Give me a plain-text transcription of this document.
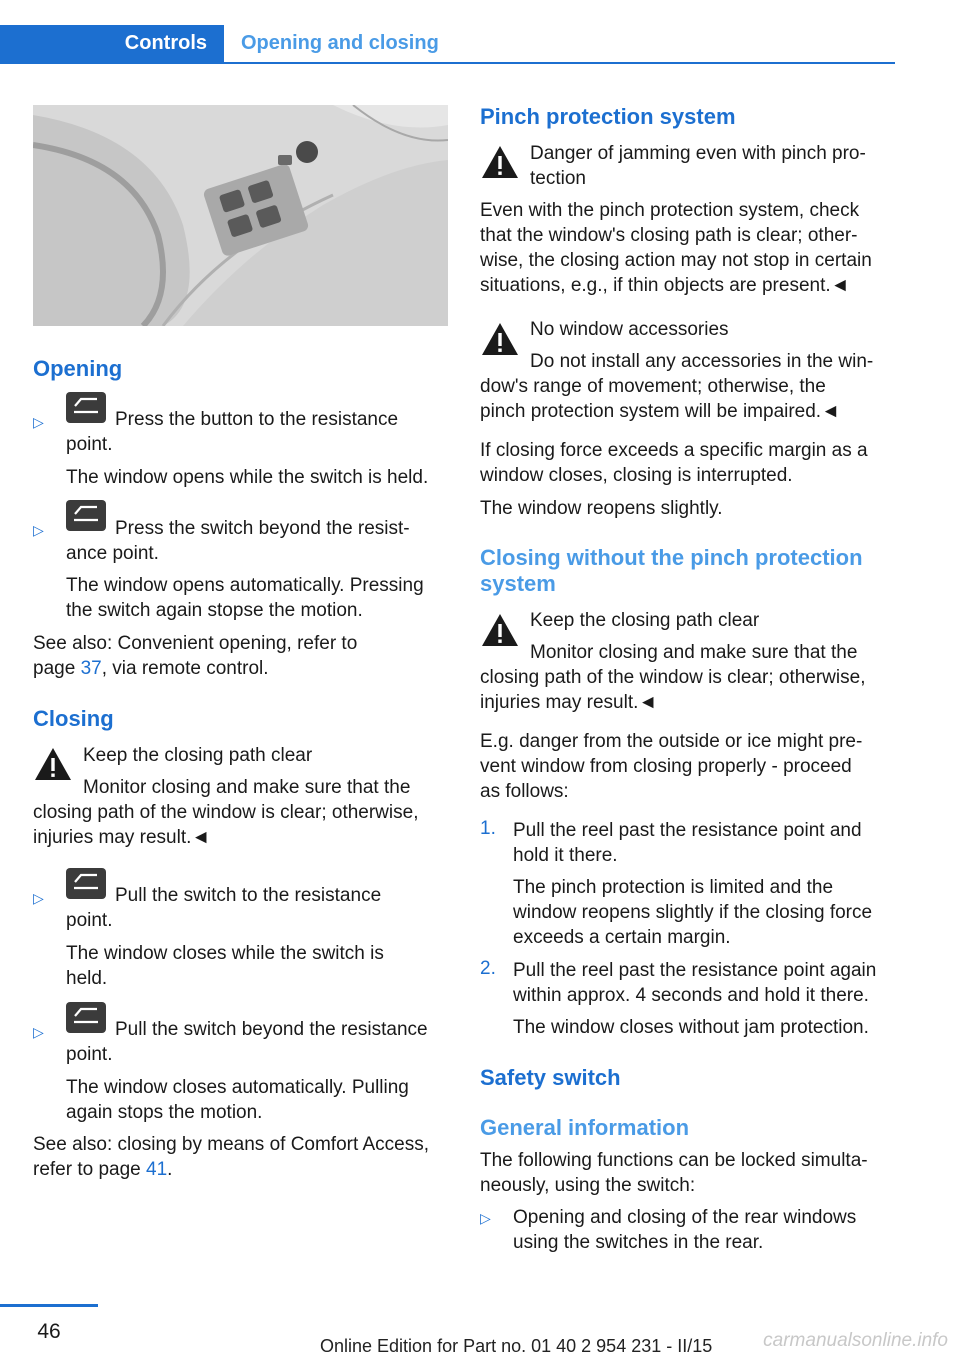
Controls	Opening and closing
Opening
▷	Press the button to the resistance
point.
The window opens while the switch is held.
▷	Press the switch beyond the resist-
ance point.
The window opens automatically. Pressing
the switch again stopse the motion.
See also: Convenient opening, refer to
page 37, via remote control.
Closing
Keep the closing path clear
Monitor closing and make sure that the
closing path of the window is clear; otherwise,
injuries may result.◄
▷	Pull the switch to the resistance
point.
The window closes while the switch is
held.
▷	Pull the switch beyond the resistance
point.
The window closes automatically. Pulling
again stops the motion.
See also: closing by means of Comfort Access,
refer to page 41.
Pinch protection system
Danger of jamming even with pinch pro-
tection
Even with the pinch protection system, check
that the window's closing path is clear; other-
wise, the closing action may not stop in certain
situations, e.g., if thin objects are present.◄
No window accessories
Do not install any accessories in the win-
dow's range of movement; otherwise, the
pinch protection system will be impaired.◄
If closing force exceeds a specific margin as a
window closes, closing is interrupted.
The window reopens slightly.
Closing without the pinch protection
system
Keep the closing path clear
Monitor closing and make sure that the
closing path of the window is clear; otherwise,
injuries may result.◄
E.g. danger from the outside or ice might pre-
vent window from closing properly - proceed
as follows:
1. Pull the reel past the resistance point and
hold it there.
The pinch protection is limited and the
window reopens slightly if the closing force
exceeds a certain margin.
2. Pull the reel past the resistance point again
within approx. 4 seconds and hold it there.
The window closes without jam protection.
Safety switch
General information
The following functions can be locked simulta-
neously, using the switch:
▷ Opening and closing of the rear windows
using the switches in the rear.
46
Online Edition for Part no. 01 40 2 954 231 - II/15	carmanualsonline.info
